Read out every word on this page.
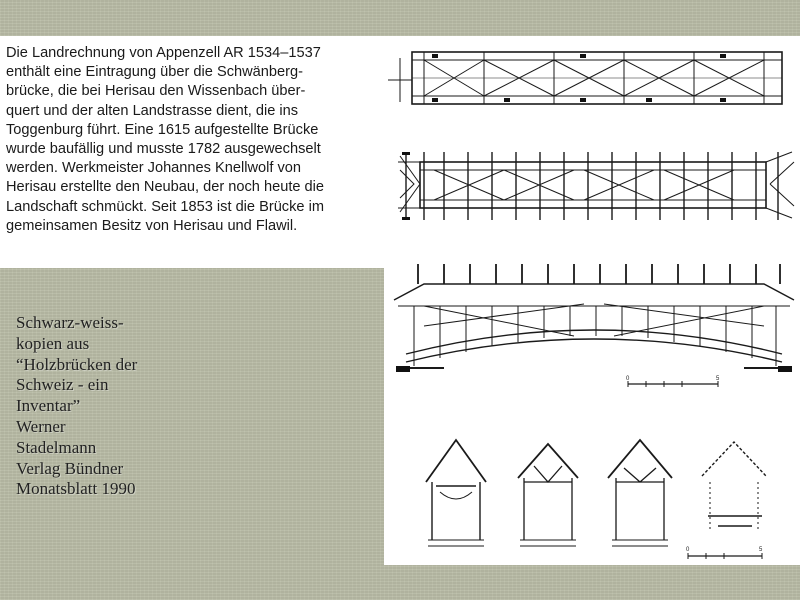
Die Landrechnung von Appenzell AR 1534–1537
enthält eine Eintragung über die Schwänberg-
brücke, die bei Herisau den Wissenbach über-
quert und der alten Landstrasse dient, die ins
Toggenburg führt. Eine 1615 aufgestellte Brücke
wurde baufällig und musste 1782 ausgewechselt
werden. Werkmeister Johannes Knellwolf von
Herisau erstellte den Neubau, der noch heute die
Landschaft schmückt. Seit 1853 ist die Brücke im
gemeinsamen Besitz von Herisau und Flawil.

Schwarz-weiss-
kopien aus
“Holzbrücken der
Schweiz - ein
Inventar”
Werner
Stadelmann
Verlag Bündner
Monatsblatt 1990

0	5
0	5
